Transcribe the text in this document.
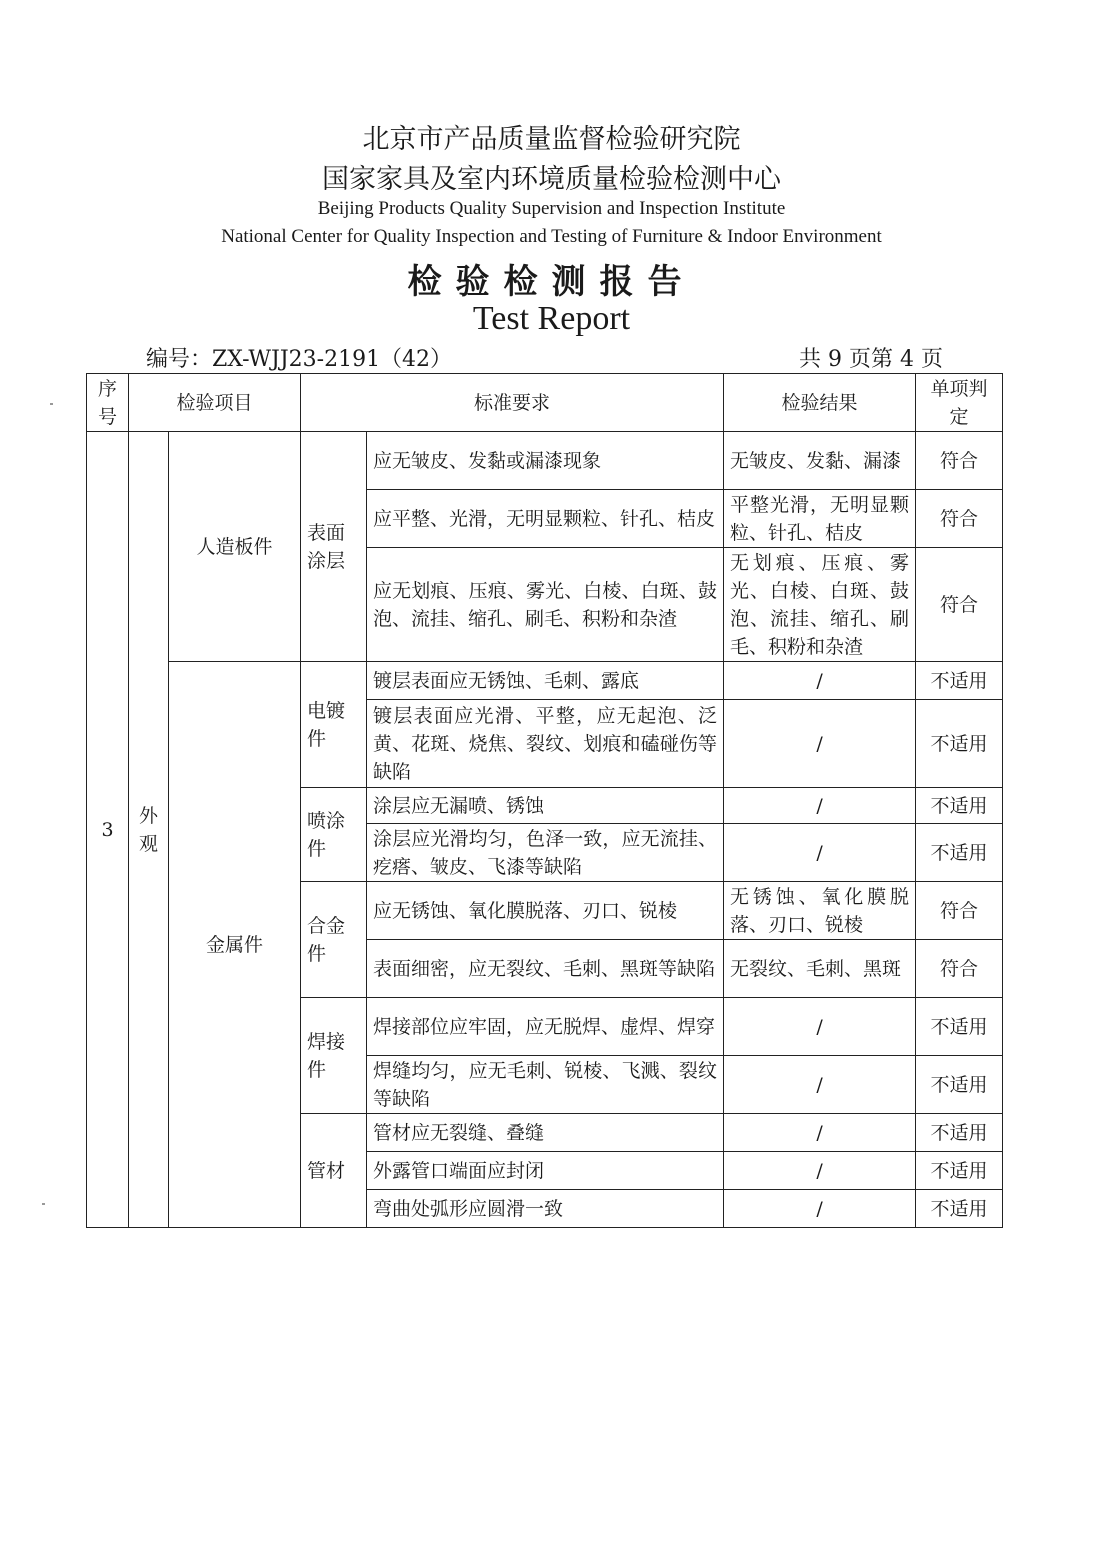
北京市产品质量监督检验研究院
国家家具及室内环境质量检验检测中心
Beijing Products Quality Supervision and Inspection Institute
National Center for Quality Inspection and Testing of Furniture & Indoor Environment
检验检测报告
Test Report
编号：ZX-WJJ23-2191（42）	共 9 页第 4 页
序号	检验项目		标准要求		检验结果	单项判定
3	外观	人造板件	表面涂层	应无皱皮、发黏或漏漆现象	无皱皮、发黏、漏漆	符合
				应平整、光滑，无明显颗粒、针孔、桔皮	平整光滑，无明显颗粒、针孔、桔皮	符合
				应无划痕、压痕、雾光、白棱、白斑、鼓泡、流挂、缩孔、刷毛、积粉和杂渣	无划痕、压痕、雾光、白棱、白斑、鼓泡、流挂、缩孔、刷毛、积粉和杂渣	符合
		金属件	电镀件	镀层表面应无锈蚀、毛刺、露底	/	不适用
				镀层表面应光滑、平整，应无起泡、泛黄、花斑、烧焦、裂纹、划痕和磕碰伤等缺陷	/	不适用
			喷涂件	涂层应无漏喷、锈蚀	/	不适用
				涂层应光滑均匀，色泽一致，应无流挂、疙瘩、皱皮、飞漆等缺陷	/	不适用
			合金件	应无锈蚀、氧化膜脱落、刃口、锐棱	无锈蚀、氧化膜脱落、刃口、锐棱	符合
				表面细密，应无裂纹、毛刺、黑斑等缺陷	无裂纹、毛刺、黑斑	符合
			焊接件	焊接部位应牢固，应无脱焊、虚焊、焊穿	/	不适用
				焊缝均匀，应无毛刺、锐棱、飞溅、裂纹等缺陷	/	不适用
			管材	管材应无裂缝、叠缝	/	不适用
				外露管口端面应封闭	/	不适用
				弯曲处弧形应圆滑一致	/	不适用
